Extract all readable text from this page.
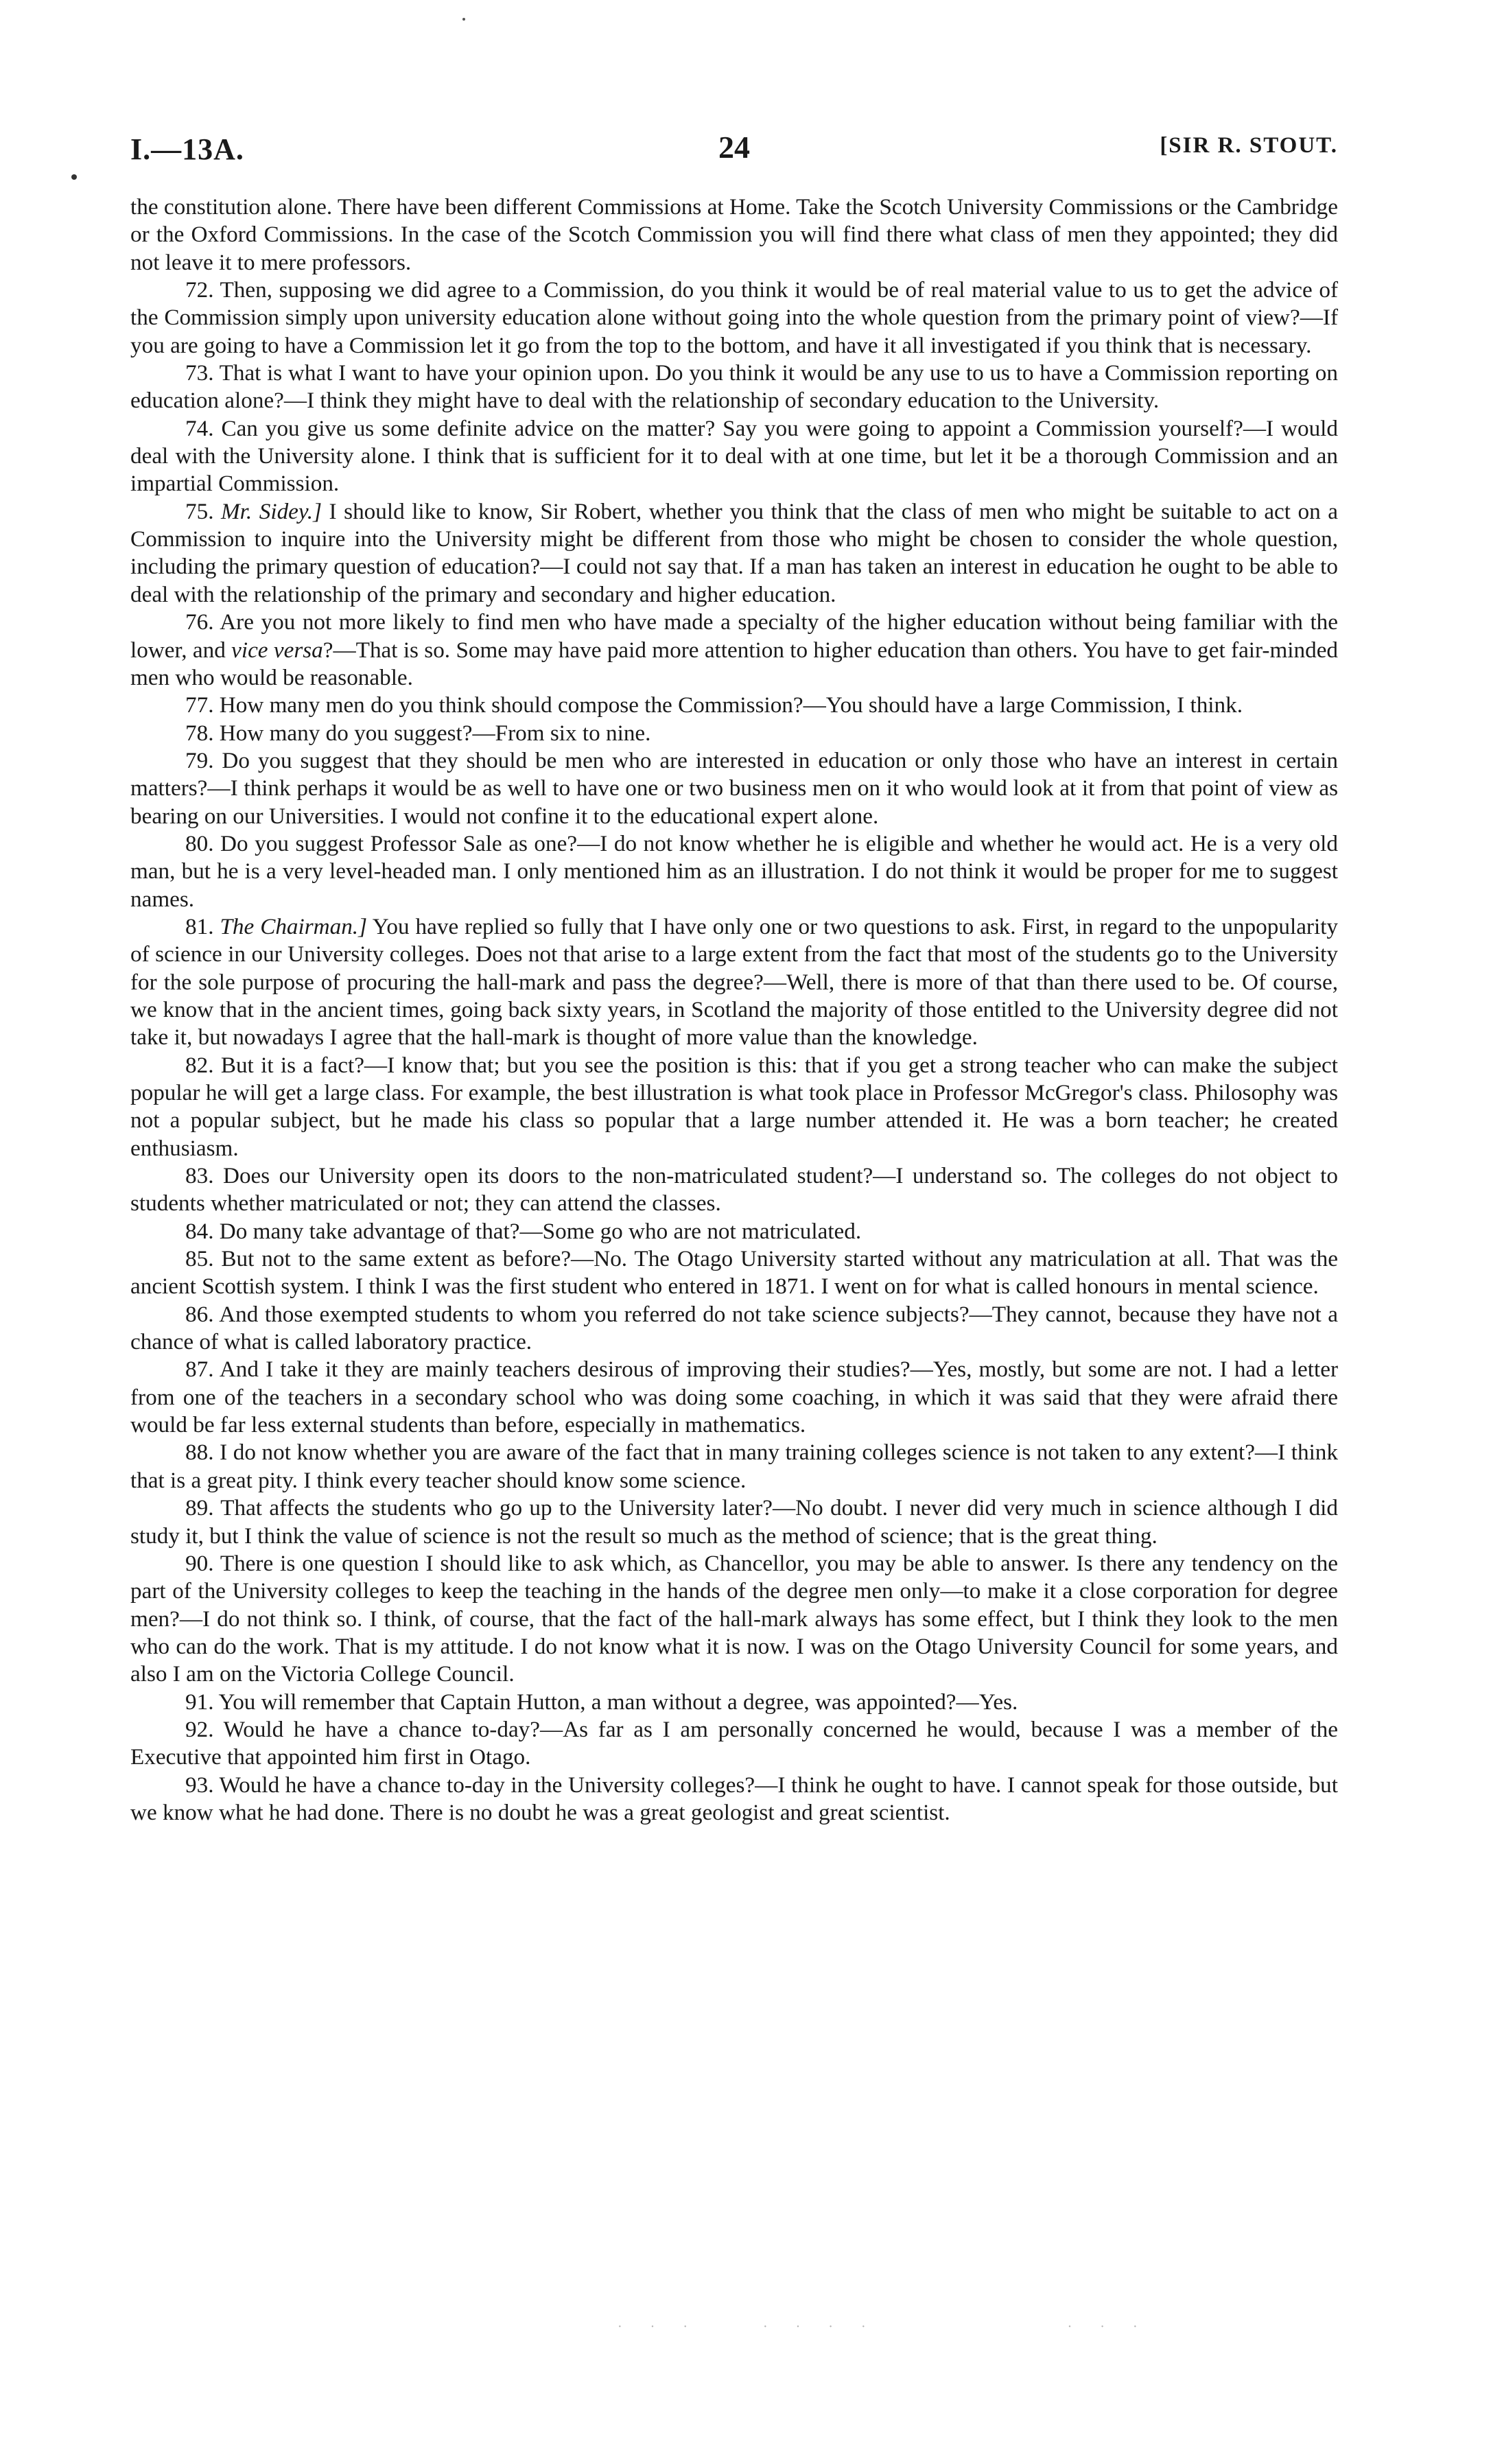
I.—13A.	24	[SIR R. STOUT.

the constitution alone. There have been different Commissions at Home. Take the Scotch University Commissions or the Cambridge or the Oxford Commissions. In the case of the Scotch Commission you will find there what class of men they appointed; they did not leave it to mere professors.

72. Then, supposing we did agree to a Commission, do you think it would be of real material value to us to get the advice of the Commission simply upon university education alone without going into the whole question from the primary point of view?—If you are going to have a Commission let it go from the top to the bottom, and have it all investigated if you think that is necessary.

73. That is what I want to have your opinion upon. Do you think it would be any use to us to have a Commission reporting on education alone?—I think they might have to deal with the relationship of secondary education to the University.

74. Can you give us some definite advice on the matter? Say you were going to appoint a Commission yourself?—I would deal with the University alone. I think that is sufficient for it to deal with at one time, but let it be a thorough Commission and an impartial Commission.

75. Mr. Sidey.] I should like to know, Sir Robert, whether you think that the class of men who might be suitable to act on a Commission to inquire into the University might be different from those who might be chosen to consider the whole question, including the primary question of education?—I could not say that. If a man has taken an interest in education he ought to be able to deal with the relationship of the primary and secondary and higher education.

76. Are you not more likely to find men who have made a specialty of the higher education without being familiar with the lower, and vice versa?—That is so. Some may have paid more attention to higher education than others. You have to get fair-minded men who would be reasonable.

77. How many men do you think should compose the Commission?—You should have a large Commission, I think.

78. How many do you suggest?—From six to nine.

79. Do you suggest that they should be men who are interested in education or only those who have an interest in certain matters?—I think perhaps it would be as well to have one or two business men on it who would look at it from that point of view as bearing on our Universities. I would not confine it to the educational expert alone.

80. Do you suggest Professor Sale as one?—I do not know whether he is eligible and whether he would act. He is a very old man, but he is a very level-headed man. I only mentioned him as an illustration. I do not think it would be proper for me to suggest names.

81. The Chairman.] You have replied so fully that I have only one or two questions to ask. First, in regard to the unpopularity of science in our University colleges. Does not that arise to a large extent from the fact that most of the students go to the University for the sole purpose of procuring the hall-mark and pass the degree?—Well, there is more of that than there used to be. Of course, we know that in the ancient times, going back sixty years, in Scotland the majority of those entitled to the University degree did not take it, but nowadays I agree that the hall-mark is thought of more value than the knowledge.

82. But it is a fact?—I know that; but you see the position is this: that if you get a strong teacher who can make the subject popular he will get a large class. For example, the best illustration is what took place in Professor McGregor's class. Philosophy was not a popular subject, but he made his class so popular that a large number attended it. He was a born teacher; he created enthusiasm.

83. Does our University open its doors to the non-matriculated student?—I understand so. The colleges do not object to students whether matriculated or not; they can attend the classes.

84. Do many take advantage of that?—Some go who are not matriculated.

85. But not to the same extent as before?—No. The Otago University started without any matriculation at all. That was the ancient Scottish system. I think I was the first student who entered in 1871. I went on for what is called honours in mental science.

86. And those exempted students to whom you referred do not take science subjects?—They cannot, because they have not a chance of what is called laboratory practice.

87. And I take it they are mainly teachers desirous of improving their studies?—Yes, mostly, but some are not. I had a letter from one of the teachers in a secondary school who was doing some coaching, in which it was said that they were afraid there would be far less external students than before, especially in mathematics.

88. I do not know whether you are aware of the fact that in many training colleges science is not taken to any extent?—I think that is a great pity. I think every teacher should know some science.

89. That affects the students who go up to the University later?—No doubt. I never did very much in science although I did study it, but I think the value of science is not the result so much as the method of science; that is the great thing.

90. There is one question I should like to ask which, as Chancellor, you may be able to answer. Is there any tendency on the part of the University colleges to keep the teaching in the hands of the degree men only—to make it a close corporation for degree men?—I do not think so. I think, of course, that the fact of the hall-mark always has some effect, but I think they look to the men who can do the work. That is my attitude. I do not know what it is now. I was on the Otago University Council for some years, and also I am on the Victoria College Council.

91. You will remember that Captain Hutton, a man without a degree, was appointed?—Yes.

92. Would he have a chance to-day?—As far as I am personally concerned he would, because I was a member of the Executive that appointed him first in Otago.

93. Would he have a chance to-day in the University colleges?—I think he ought to have. I cannot speak for those outside, but we know what he had done. There is no doubt he was a great geologist and great scientist.

· · ·    · · · ·            · · ·
